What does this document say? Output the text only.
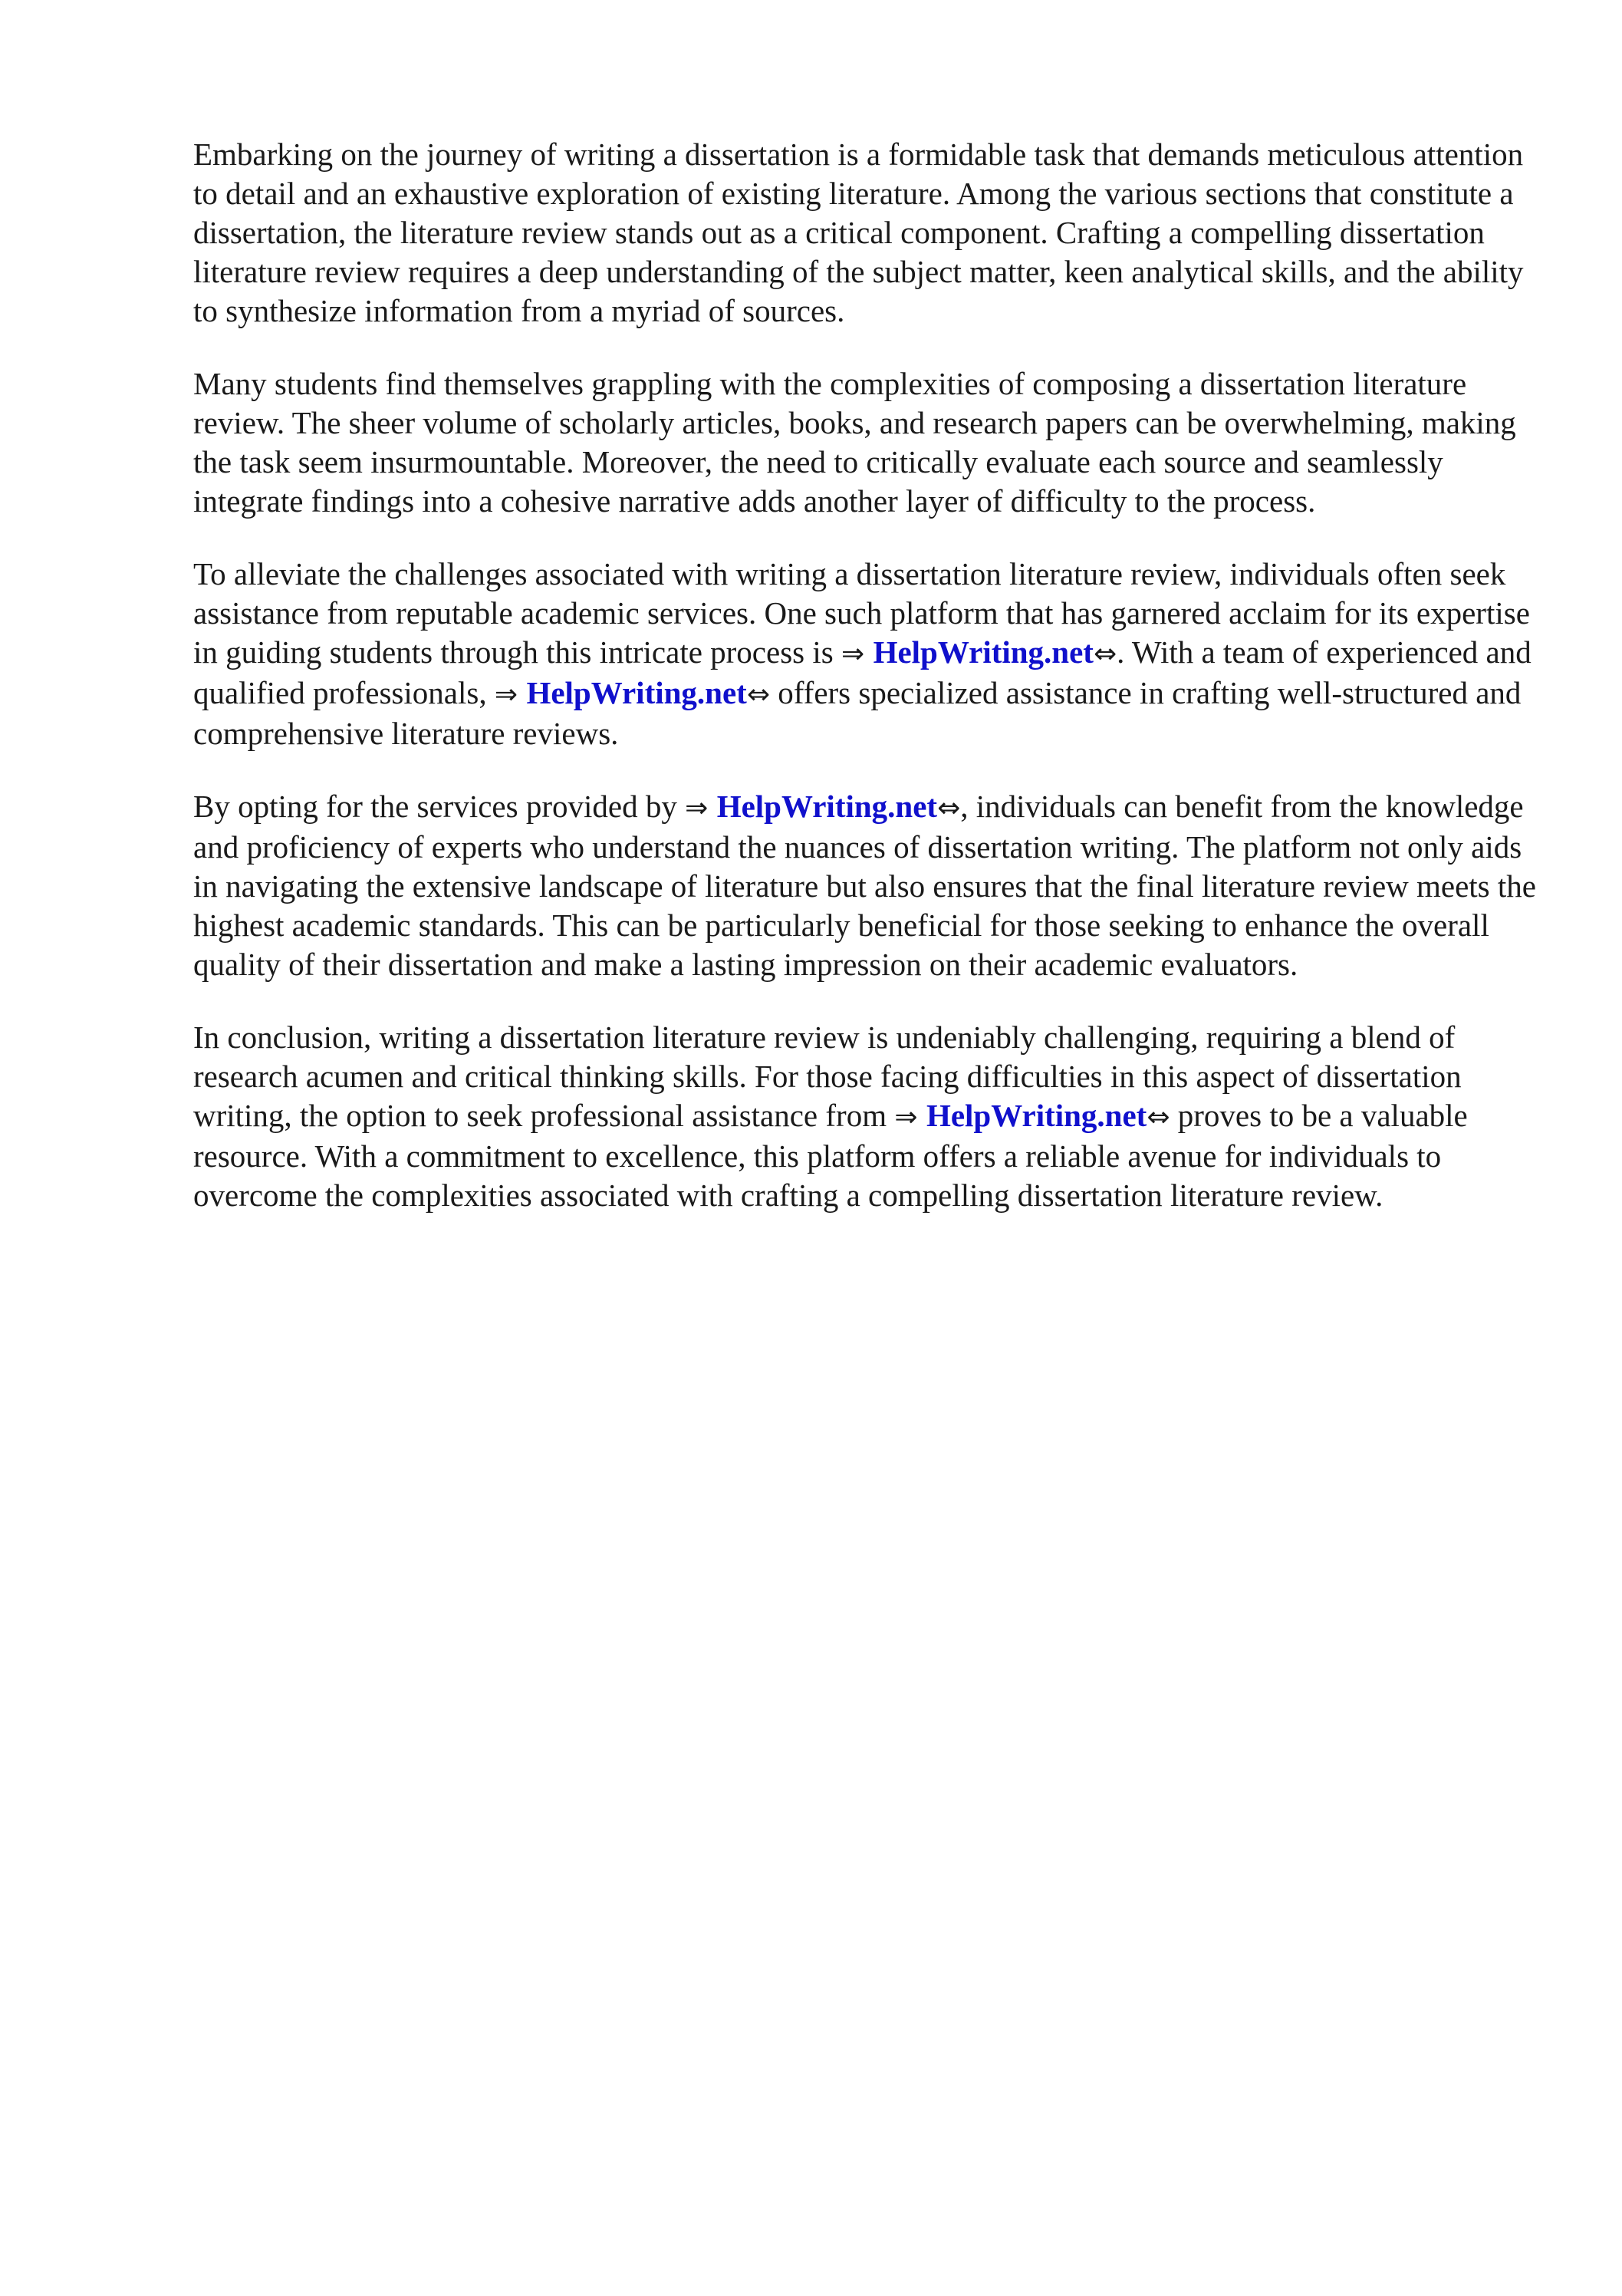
Embarking on the journey of writing a dissertation is a formidable task that demands meticulous attention to detail and an exhaustive exploration of existing literature. Among the various sections that constitute a dissertation, the literature review stands out as a critical component. Crafting a compelling dissertation literature review requires a deep understanding of the subject matter, keen analytical skills, and the ability to synthesize information from a myriad of sources.

Many students find themselves grappling with the complexities of composing a dissertation literature review. The sheer volume of scholarly articles, books, and research papers can be overwhelming, making the task seem insurmountable. Moreover, the need to critically evaluate each source and seamlessly integrate findings into a cohesive narrative adds another layer of difficulty to the process.

To alleviate the challenges associated with writing a dissertation literature review, individuals often seek assistance from reputable academic services. One such platform that has garnered acclaim for its expertise in guiding students through this intricate process is ⇒ HelpWriting.net⇔. With a team of experienced and qualified professionals, ⇒ HelpWriting.net⇔ offers specialized assistance in crafting well-structured and comprehensive literature reviews.

By opting for the services provided by ⇒ HelpWriting.net⇔, individuals can benefit from the knowledge and proficiency of experts who understand the nuances of dissertation writing. The platform not only aids in navigating the extensive landscape of literature but also ensures that the final literature review meets the highest academic standards. This can be particularly beneficial for those seeking to enhance the overall quality of their dissertation and make a lasting impression on their academic evaluators.

In conclusion, writing a dissertation literature review is undeniably challenging, requiring a blend of research acumen and critical thinking skills. For those facing difficulties in this aspect of dissertation writing, the option to seek professional assistance from ⇒ HelpWriting.net⇔ proves to be a valuable resource. With a commitment to excellence, this platform offers a reliable avenue for individuals to overcome the complexities associated with crafting a compelling dissertation literature review.
